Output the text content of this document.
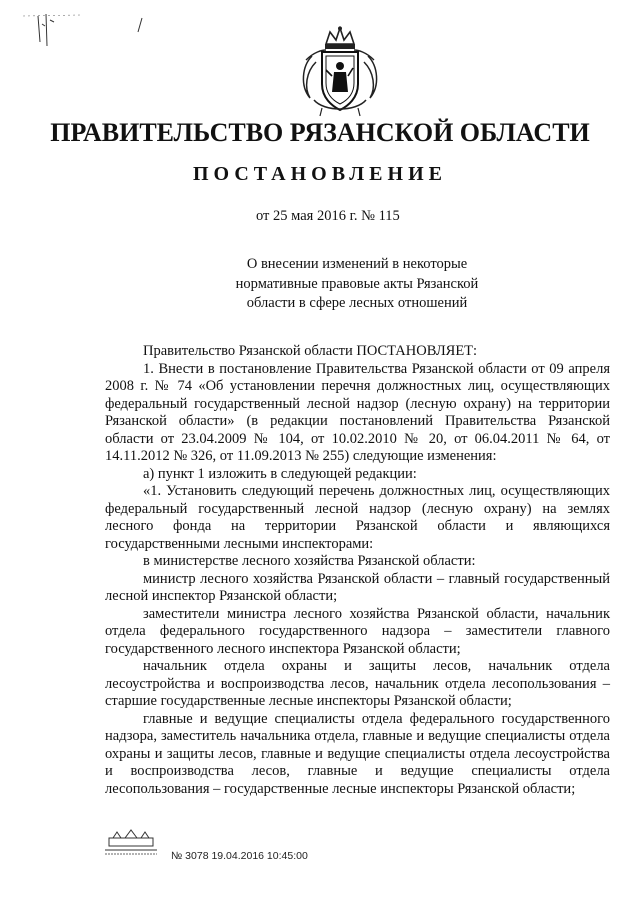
ПРАВИТЕЛЬСТВО РЯЗАНСКОЙ ОБЛАСТИ
ПОСТАНОВЛЕНИЕ
от 25 мая 2016 г. № 115
О внесении изменений в некоторые нормативные правовые акты Рязанской области в сфере лесных отношений

Правительство Рязанской области ПОСТАНОВЛЯЕТ:

1. Внести в постановление Правительства Рязанской области от 09 апреля 2008 г. № 74 «Об установлении перечня должностных лиц, осуществляющих федеральный государственный лесной надзор (лесную охрану) на территории Рязанской области» (в редакции постановлений Правительства Рязанской области от 23.04.2009 № 104, от 10.02.2010 № 20, от 06.04.2011 № 64, от 14.11.2012 № 326, от 11.09.2013 № 255) следующие изменения:

а) пункт 1 изложить в следующей редакции:

«1. Установить следующий перечень должностных лиц, осуществляющих федеральный государственный лесной надзор (лесную охрану) на землях лесного фонда на территории Рязанской области и являющихся государственными лесными инспекторами:

в министерстве лесного хозяйства Рязанской области:

министр лесного хозяйства Рязанской области – главный государственный лесной инспектор Рязанской области;

заместители министра лесного хозяйства Рязанской области, начальник отдела федерального государственного надзора – заместители главного государственного лесного инспектора Рязанской области;

начальник отдела охраны и защиты лесов, начальник отдела лесоустройства и воспроизводства лесов, начальник отдела лесопользования – старшие государственные лесные инспекторы Рязанской области;

главные и ведущие специалисты отдела федерального государственного надзора, заместитель начальника отдела, главные и ведущие специалисты отдела охраны и защиты лесов, главные и ведущие специалисты отдела лесоустройства и воспроизводства лесов, главные и ведущие специалисты отдела лесопользования – государственные лесные инспекторы Рязанской области;

№ 3078 19.04.2016 10:45:00
